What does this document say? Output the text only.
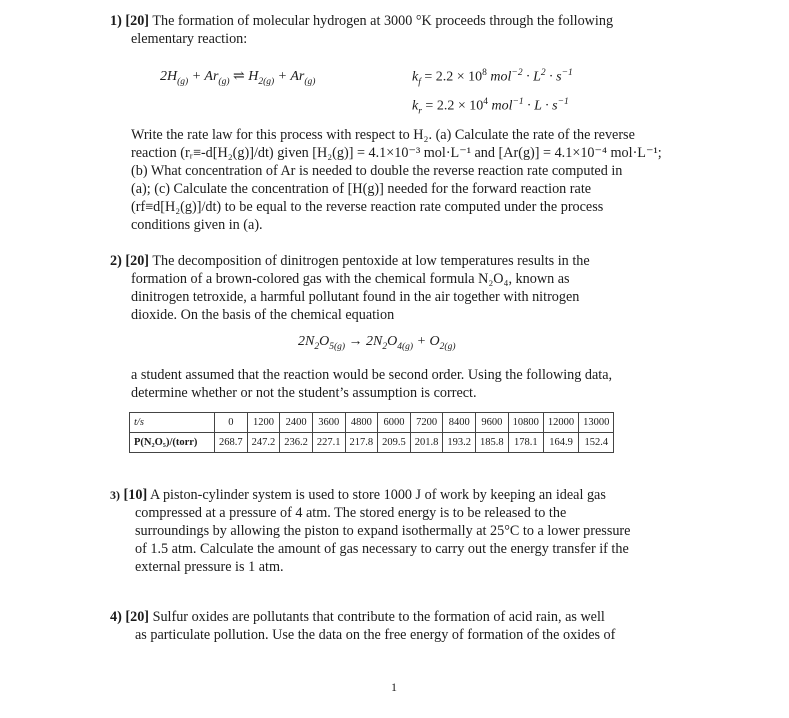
1) [20] The formation of molecular hydrogen at 3000 °K proceeds through the following
elementary reaction:
$2H_{(g)} + Ar_{(g)}$ ⇌ $H_{2(g)} + Ar_{(g)}$	$k_f = 2.2 \times 10^8$ $mol^{-2} \cdot L^2 \cdot s^{-1}$
$k_r = 2.2 \times 10^4$ $mol^{-1} \cdot L \cdot s^{-1}$
Write the rate law for this process with respect to H₂. (a) Calculate the rate of the reverse
reaction (rᵣ≡-d[H₂(g)]/dt) given [H₂(g)] = 4.1×10⁻³ mol·L⁻¹ and [Ar(g)] = 4.1×10⁻⁴ mol·L⁻¹;
(b) What concentration of Ar is needed to double the reverse reaction rate computed in
(a); (c) Calculate the concentration of [H(g)] needed for the forward reaction rate
(rf≡d[H₂(g)]/dt) to be equal to the reverse reaction rate computed under the process
conditions given in (a).
2) [20] The decomposition of dinitrogen pentoxide at low temperatures results in the
formation of a brown-colored gas with the chemical formula N₂O₄, known as
dinitrogen tetroxide, a harmful pollutant found in the air together with nitrogen
dioxide. On the basis of the chemical equation
$2N_2O_{5(g)} \to 2N_2O_{4(g)} + O_{2(g)}$
a student assumed that the reaction would be second order. Using the following data,
determine whether or not the student’s assumption is correct.
t/s	0	1200	2400	3600	4800	6000	7200	8400	9600	10800	12000	13000
P(N₂O₅)/(torr)	268.7	247.2	236.2	227.1	217.8	209.5	201.8	193.2	185.8	178.1	164.9	152.4
3) [10] A piston-cylinder system is used to store 1000 J of work by keeping an ideal gas
compressed at a pressure of 4 atm. The stored energy is to be released to the
surroundings by allowing the piston to expand isothermally at 25°C to a lower pressure
of 1.5 atm. Calculate the amount of gas necessary to carry out the energy transfer if the
external pressure is 1 atm.
4) [20] Sulfur oxides are pollutants that contribute to the formation of acid rain, as well
as particulate pollution. Use the data on the free energy of formation of the oxides of
1
